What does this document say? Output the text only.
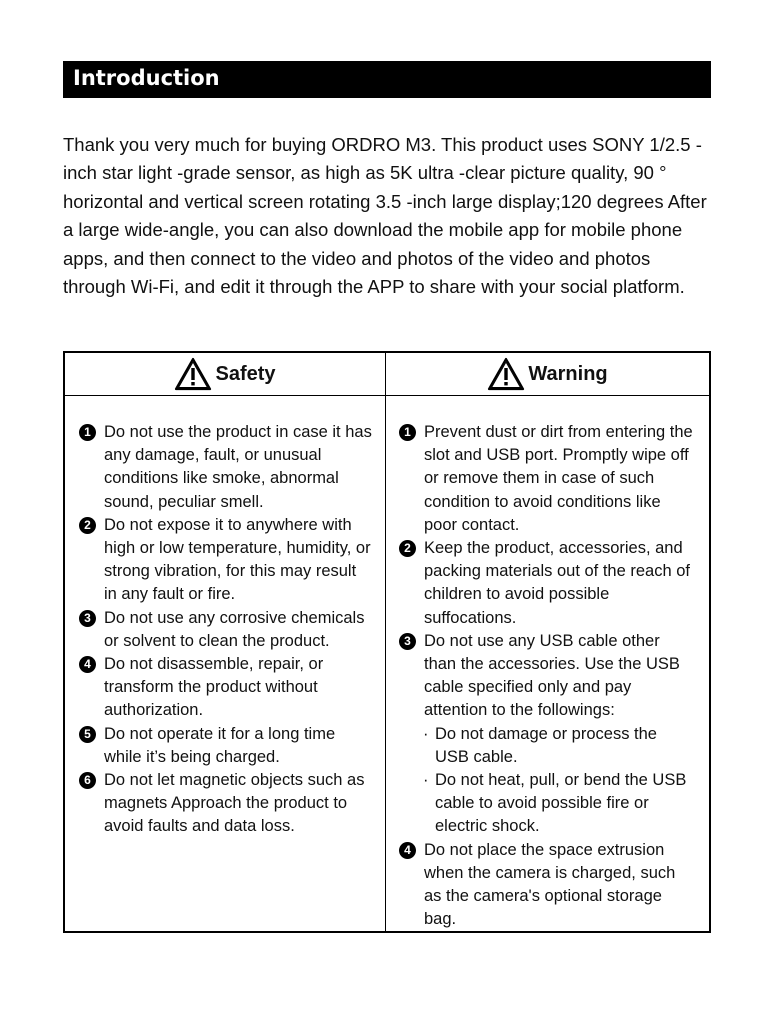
Introduction
Thank you very much for buying ORDRO M3. This product uses SONY 1/2.5 -inch star light -grade sensor, as high as 5K ultra -clear picture quality, 90 ° horizontal and vertical screen rotating 3.5 -inch large display;120 degrees After a large wide-angle, you can also download the mobile app for mobile phone apps, and then connect to the video and photos of the video and photos through Wi-Fi, and edit it through the APP to share with your social platform.
Safety	Warning
1 Do not use the product in case it has any damage, fault, or unusual conditions like smoke, abnormal sound, peculiar smell.
2 Do not expose it to anywhere with high or low temperature, humidity, or strong vibration, for this may result in any fault or fire.
3 Do not use any corrosive chemicals or solvent to clean the product.
4 Do not disassemble, repair, or transform the product without authorization.
5 Do not operate it for a long time while it’s being charged.
6 Do not let magnetic objects such as magnets Approach the product to avoid faults and data loss.
1 Prevent dust or dirt from entering the slot and USB port. Promptly wipe off or remove them in case of such condition to avoid conditions like poor contact.
2 Keep the product, accessories, and packing materials out of the reach of children to avoid possible suffocations.
3 Do not use any USB cable other than the accessories. Use the USB cable specified only and pay attention to the followings:
· Do not damage or process the USB cable.
· Do not heat, pull, or bend the USB cable to avoid possible fire or electric shock.
4 Do not place the space extrusion when the camera is charged, such as the camera's optional storage bag.
